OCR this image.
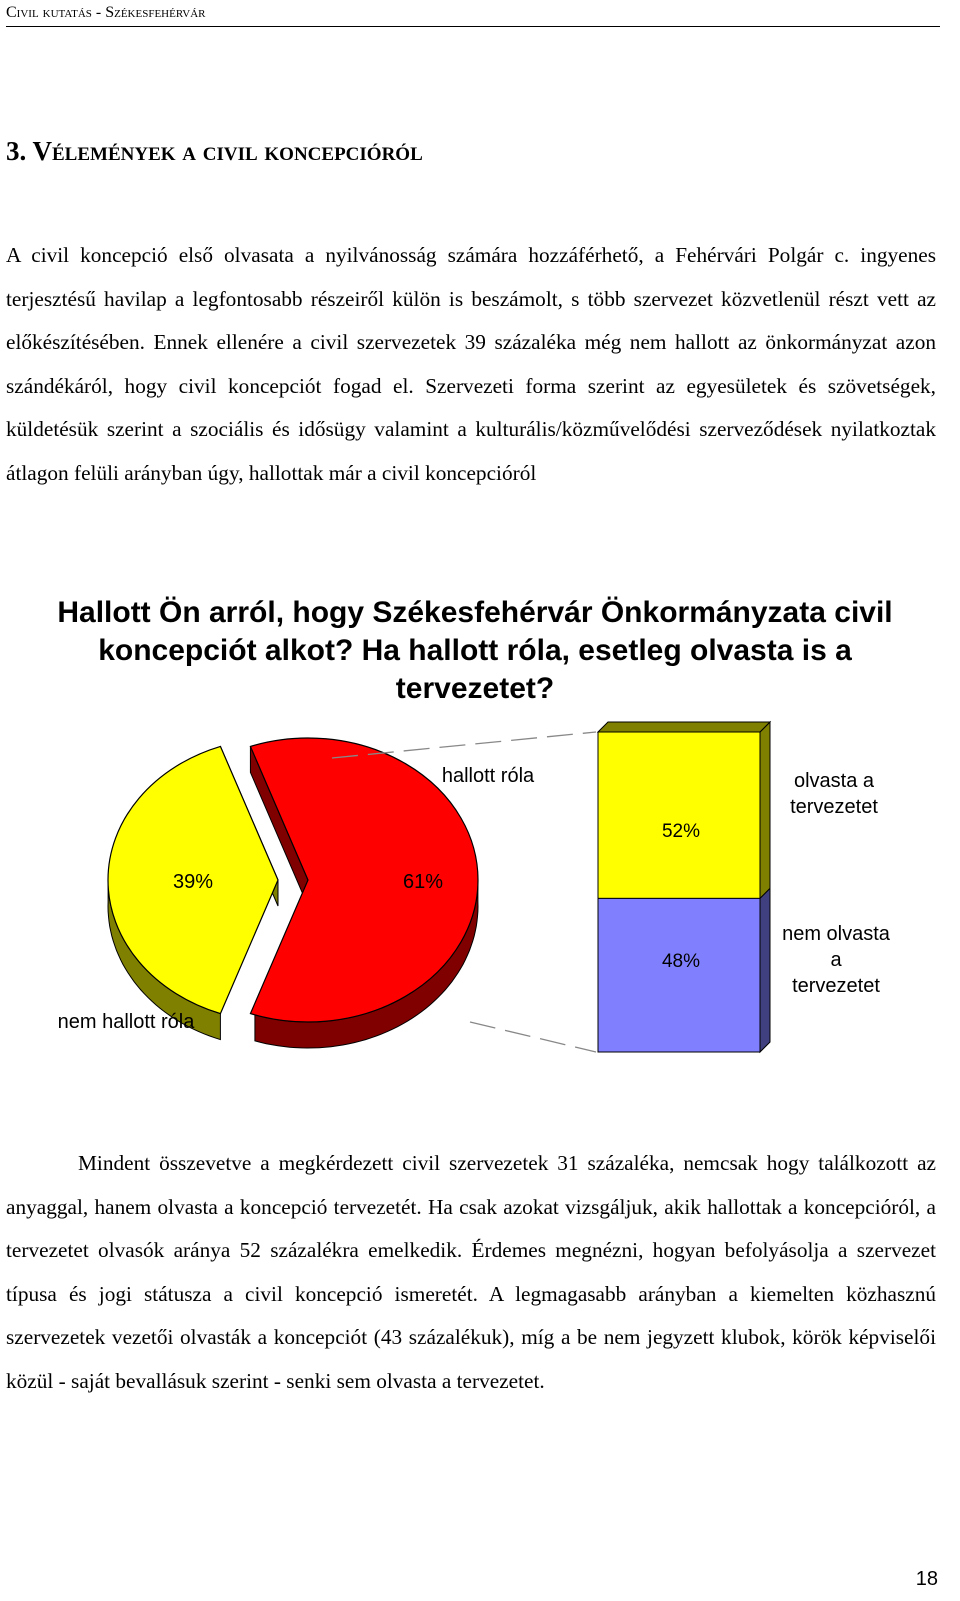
Civil kutatás - Székesfehérvár
3. Vélemények a civil koncepcióról
A civil koncepció első olvasata a nyilvánosság számára hozzáférhető, a Fehérvári Polgár c. ingyenes terjesztésű havilap a legfontosabb részeiről külön is beszámolt, s több szervezet közvetlenül részt vett az előkészítésében. Ennek ellenére a civil szervezetek 39 százaléka még nem hallott az önkormányzat azon szándékáról, hogy civil koncepciót fogad el. Szervezeti forma szerint az egyesületek és szövetségek, küldetésük szerint a szociális és idősügy valamint a kulturális/közművelődési szerveződések nyilatkoztak átlagon felüli arányban úgy, hallottak már a civil koncepcióról
Hallott Ön arról, hogy Székesfehérvár Önkormányzata civil koncepciót alkot? Ha hallott róla, esetleg olvasta is a tervezetet?
39%	61%
nem hallott róla
hallott róla
52%
48%
olvasta a tervezetet
nem olvasta a tervezetet
Mindent összevetve a megkérdezett civil szervezetek 31 százaléka, nemcsak hogy találkozott az anyaggal, hanem olvasta a koncepció tervezetét. Ha csak azokat vizsgáljuk, akik hallottak a koncepcióról, a tervezetet olvasók aránya 52 százalékra emelkedik. Érdemes megnézni, hogyan befolyásolja a szervezet típusa és jogi státusza a civil koncepció ismeretét. A legmagasabb arányban a kiemelten közhasznú szervezetek vezetői olvasták a koncepciót (43 százalékuk), míg a be nem jegyzett klubok, körök képviselői közül - saját bevallásuk szerint - senki sem olvasta a tervezetet.
18
